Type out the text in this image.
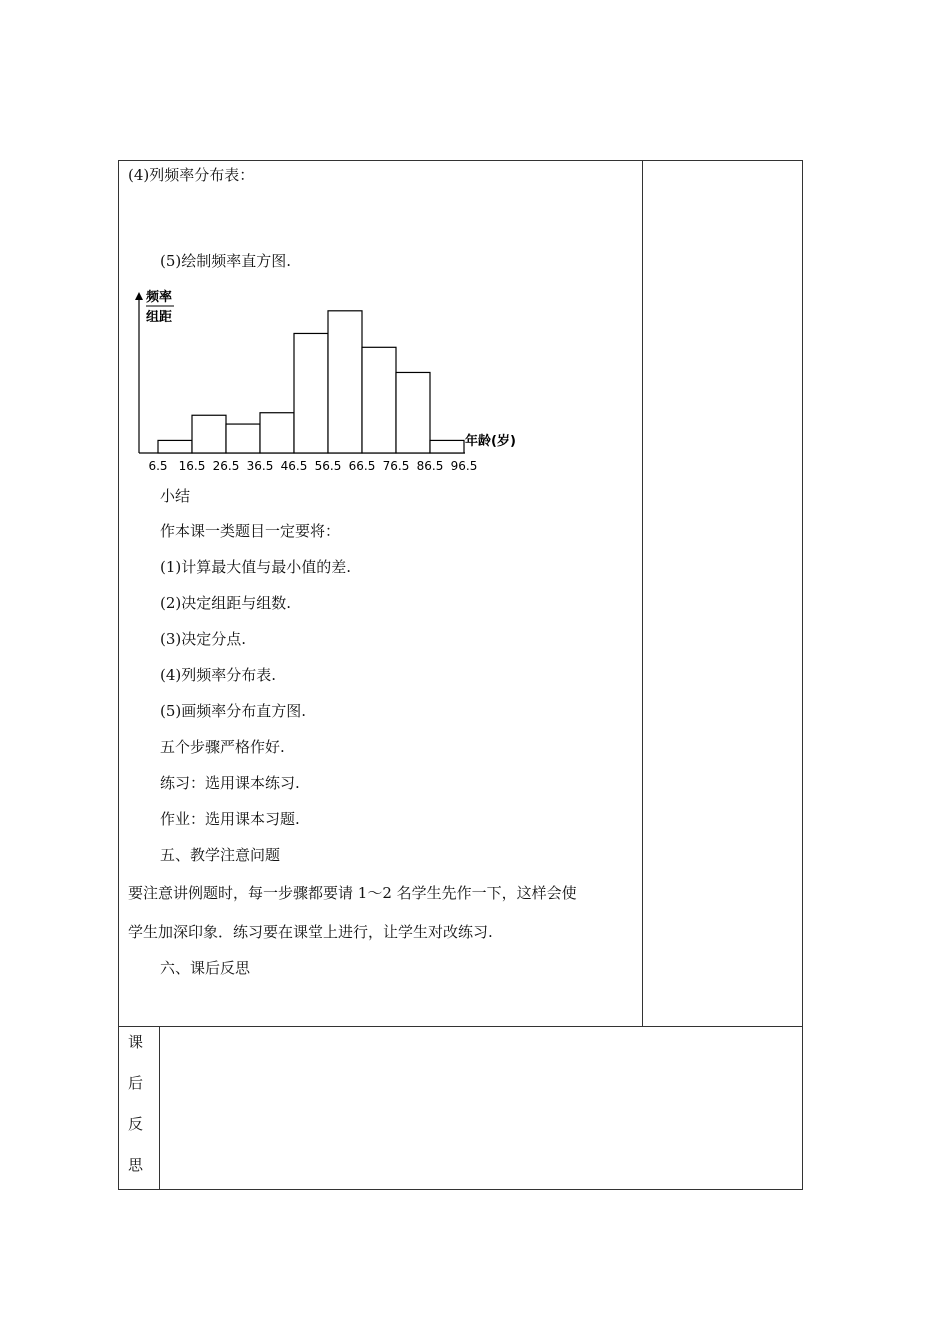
(4)列频率分布表：
(5)绘制频率直方图.
频率
组距
年龄(岁)
6.5 16.5 26.5 36.5 46.5 56.5 66.5 76.5 86.5 96.5
小结
作本课一类题目一定要将：
(1)计算最大值与最小值的差.
(2)决定组距与组数.
(3)决定分点.
(4)列频率分布表.
(5)画频率分布直方图.
五个步骤严格作好.
练习：选用课本练习.
作业：选用课本习题.
五、教学注意问题
要注意讲例题时，每一步骤都要请 1～2 名学生先作一下，这样会使
学生加深印象．练习要在课堂上进行，让学生对改练习.
六、课后反思
课
后
反
思
